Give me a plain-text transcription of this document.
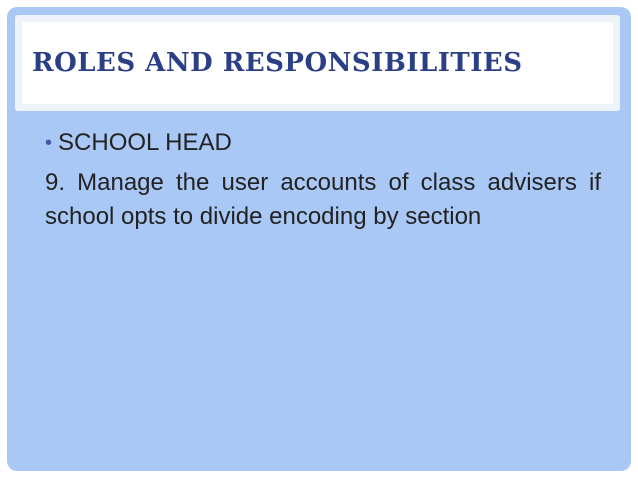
ROLES AND RESPONSIBILITIES
• SCHOOL HEAD

9. Manage the user accounts of class advisers if school opts to divide encoding by section
